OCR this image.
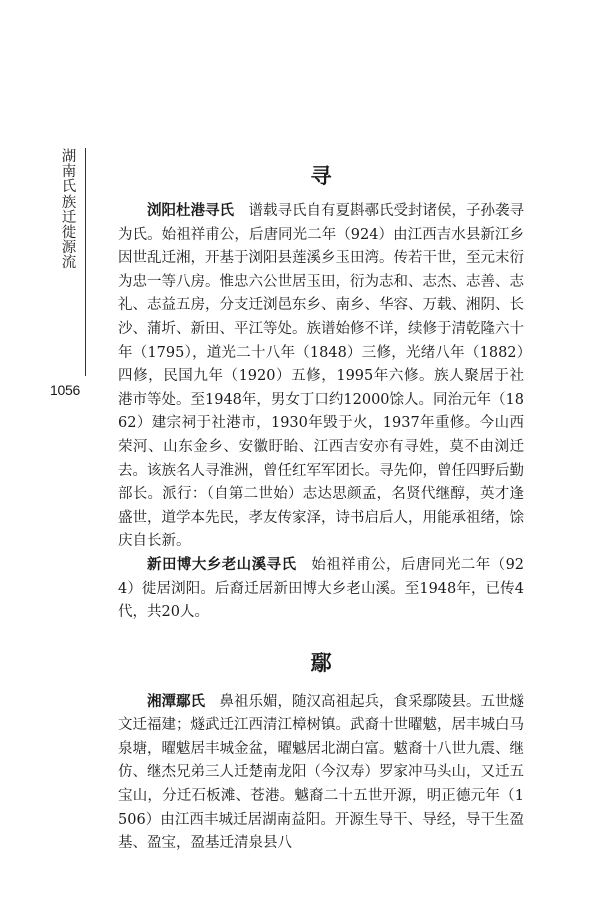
湖南氏族迁徙源流
1056
寻

浏阳杜港寻氏　 谱载寻氏自有夏斟鄩氏受封诸侯，子孙袭寻为氏。始祖祥甫公，后唐同光二年（924）由江西吉水县新江乡因世乱迁湘，开基于浏阳县莲溪乡玉田湾。传若干世，至元末衍为忠一等八房。惟忠六公世居玉田，衍为志和、志杰、志善、志礼、志益五房，分支迁浏邑东乡、南乡、华容、万载、湘阴、长沙、蒲圻、新田、平江等处。族谱始修不详，续修于清乾隆六十年（1795），道光二十八年（1848）三修，光绪八年（1882）四修，民国九年（1920）五修，1995年六修。族人聚居于社港市等处。至1948年，男女丁口约12000馀人。同治元年（1862）建宗祠于社港市，1930年毁于火，1937年重修。今山西荣河、山东金乡、安徽盱眙、江西吉安亦有寻姓，莫不由浏迁去。该族名人寻淮洲，曾任红军军团长。寻先仰，曾任四野后勤部长。派行：（自第二世始）志达思颜孟，名贤代继醇，英才逢盛世，道学本先民，孝友传家泽，诗书启后人，用能承祖绪，馀庆自长新。

新田博大乡老山溪寻氏　 始祖祥甫公，后唐同光二年（924）徙居浏阳。后裔迁居新田博大乡老山溪。至1948年，已传4代，共20人。

鄢

湘潭鄢氏　 鼻祖乐媚，随汉高祖起兵，食采鄢陵县。五世燧文迁福建；燧武迁江西清江樟树镇。武裔十世曜魃，居丰城白马泉塘，曜魃居丰城金盆，曜魆居北湖白富。魃裔十八世九震、继仿、继杰兄弟三人迁楚南龙阳（今汉寿）罗家冲马头山，又迁五宝山，分迁石板滩、苍港。魆裔二十五世开源，明正德元年（1506）由江西丰城迁居湖南益阳。开源生导干、导经，导干生盈基、盈宝，盈基迁清泉县八
